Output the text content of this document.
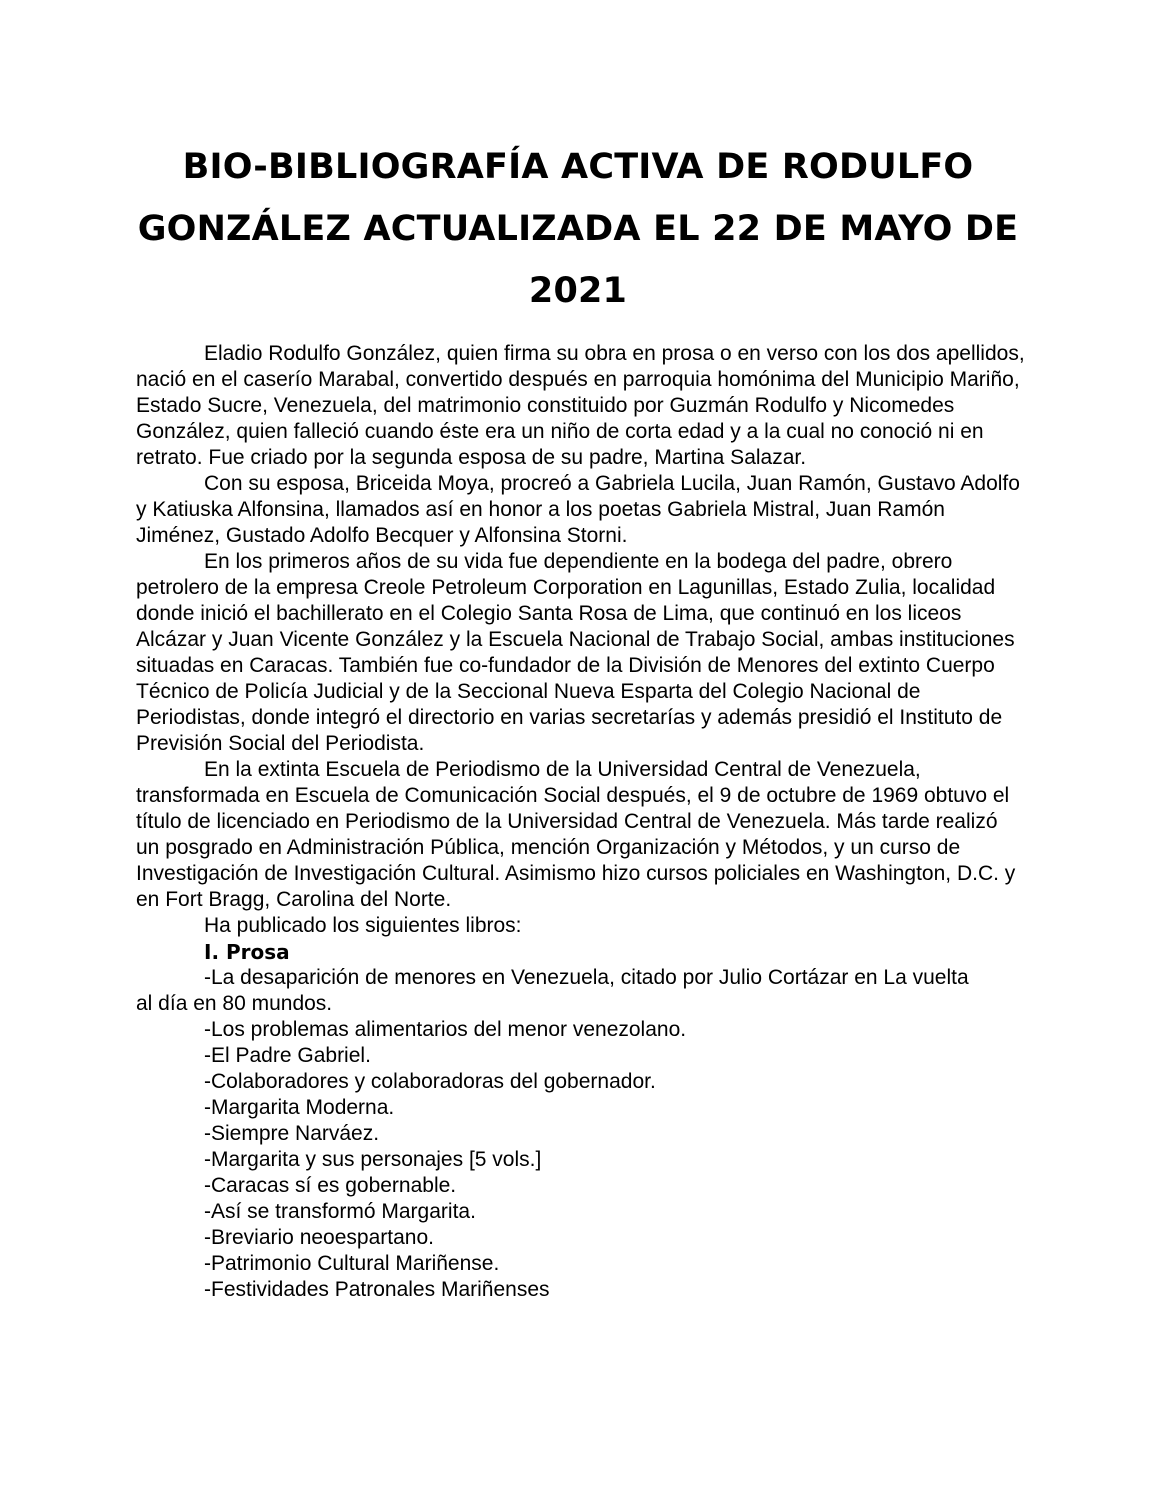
BIO-BIBLIOGRAFÍA ACTIVA DE RODULFO GONZÁLEZ ACTUALIZADA EL 22 DE MAYO DE 2021

Eladio Rodulfo González, quien firma su obra en prosa o en verso con los dos apellidos, nació en el caserío Marabal, convertido después en parroquia homónima del Municipio Mariño, Estado Sucre, Venezuela, del matrimonio constituido por Guzmán Rodulfo y Nicomedes González, quien falleció cuando éste era un niño de corta edad y a la cual no conoció ni en retrato. Fue criado por la segunda esposa de su padre, Martina Salazar.

Con su esposa, Briceida Moya, procreó a Gabriela Lucila, Juan Ramón, Gustavo Adolfo y Katiuska Alfonsina, llamados así en honor a los poetas Gabriela Mistral, Juan Ramón Jiménez, Gustado Adolfo Becquer y Alfonsina Storni.

En los primeros años de su vida fue dependiente en la bodega del padre, obrero petrolero de la empresa Creole Petroleum Corporation en Lagunillas, Estado Zulia, localidad donde inició el bachillerato en el Colegio Santa Rosa de Lima, que continuó en los liceos Alcázar y Juan Vicente González y la Escuela Nacional de Trabajo Social, ambas instituciones situadas en Caracas. También fue co-fundador de la División de Menores del extinto Cuerpo Técnico de Policía Judicial y de la Seccional Nueva Esparta del Colegio Nacional de Periodistas, donde integró el directorio en varias secretarías y además presidió el Instituto de Previsión Social del Periodista.

En la extinta Escuela de Periodismo de la Universidad Central de Venezuela, transformada en Escuela de Comunicación Social después, el 9 de octubre de 1969 obtuvo el título de licenciado en Periodismo de la Universidad Central de Venezuela. Más tarde realizó un posgrado en Administración Pública, mención Organización y Métodos, y un curso de Investigación de Investigación Cultural. Asimismo hizo cursos policiales en Washington, D.C. y en Fort Bragg, Carolina del Norte.

Ha publicado los siguientes libros:

I. Prosa
-La desaparición de menores en Venezuela, citado por Julio Cortázar en La vuelta al día en 80 mundos.
-Los problemas alimentarios del menor venezolano.
-El Padre Gabriel.
-Colaboradores y colaboradoras del gobernador.
-Margarita Moderna.
-Siempre Narváez.
-Margarita y sus personajes [5 vols.]
-Caracas sí es gobernable.
-Así se transformó Margarita.
-Breviario neoespartano.
-Patrimonio Cultural Mariñense.
-Festividades Patronales Mariñenses
